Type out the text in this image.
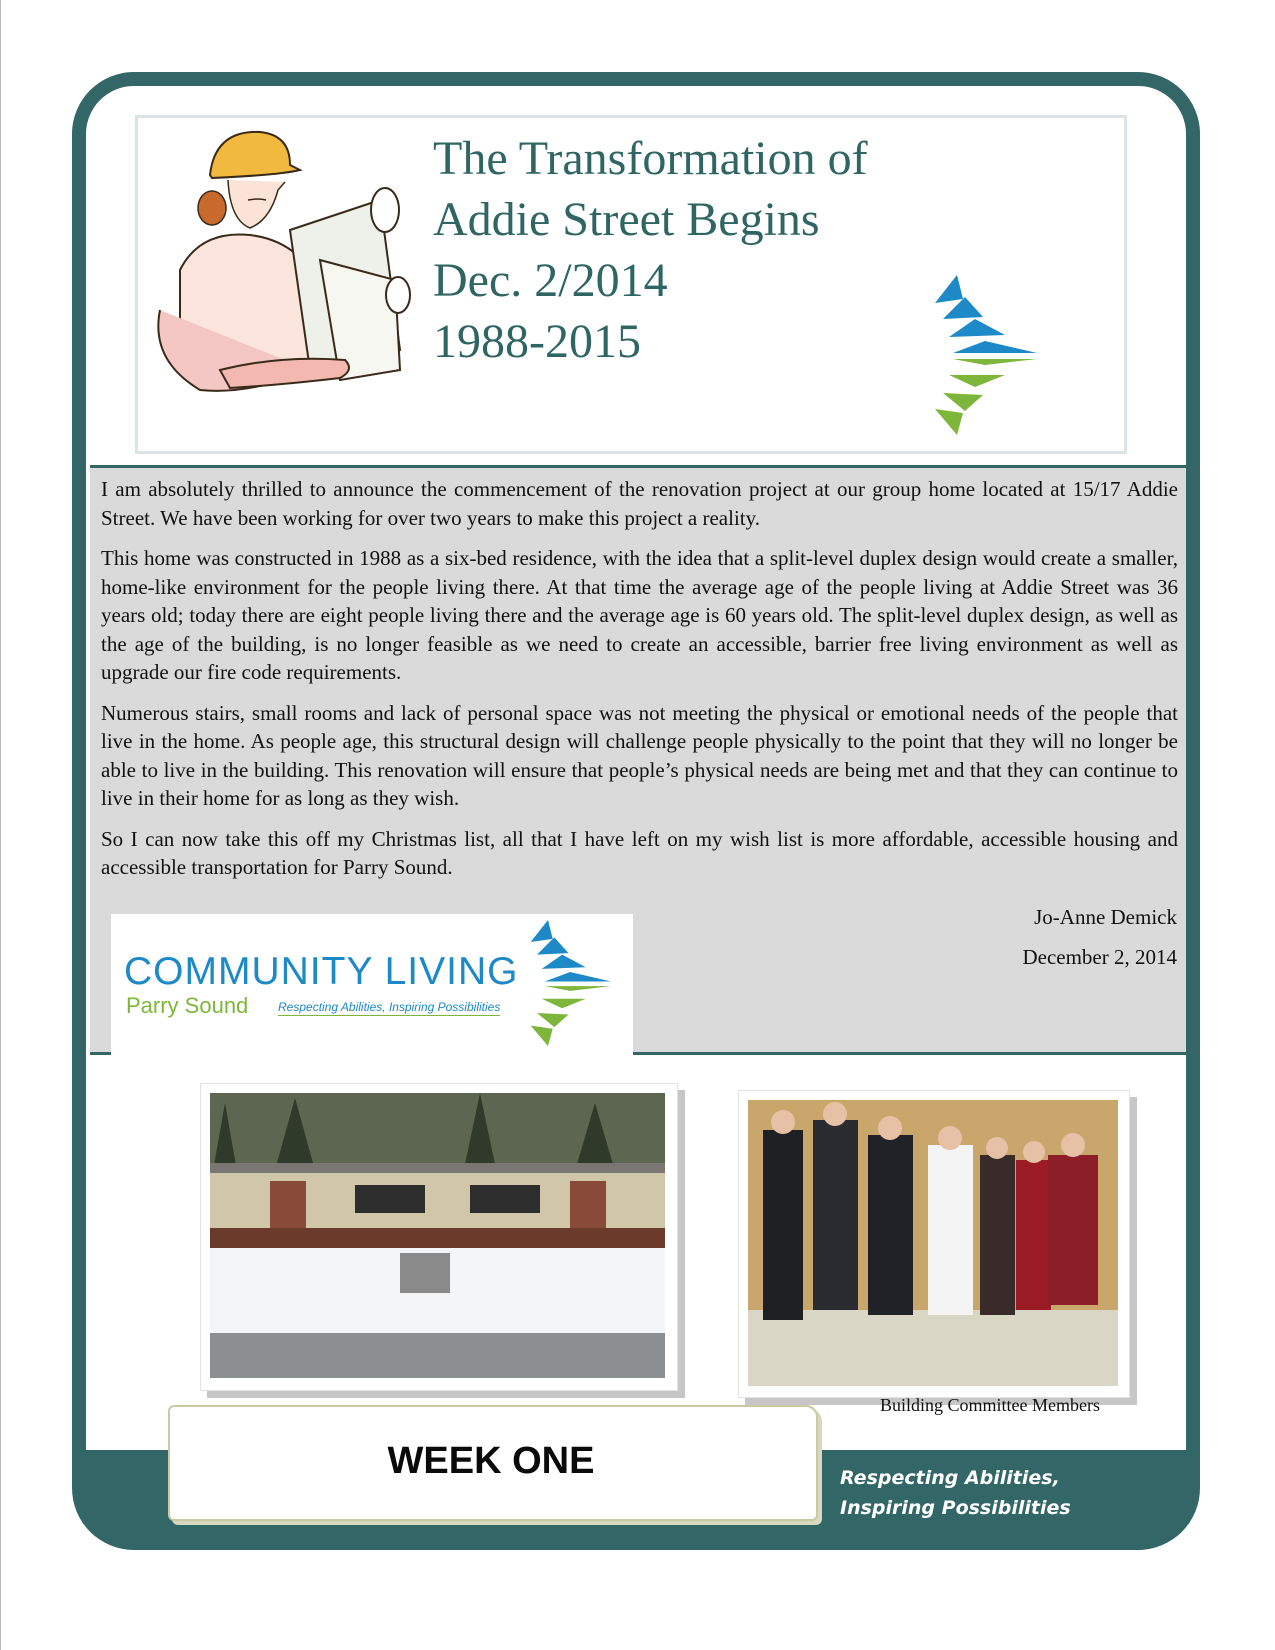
The Transformation of
Addie Street Begins
Dec. 2/2014
1988-2015

I am absolutely thrilled to announce the commencement of the renovation project at our group home located at 15/17 Addie Street. We have been working for over two years to make this project a reality.

This home was constructed in 1988 as a six-bed residence, with the idea that a split-level duplex design would create a smaller, home-like environment for the people living there. At that time the average age of the people living at Addie Street was 36 years old; today there are eight people living there and the average age is 60 years old. The split-level duplex design, as well as the age of the building, is no longer feasible as we need to create an accessible, barrier free living environment as well as upgrade our fire code requirements.

Numerous stairs, small rooms and lack of personal space was not meeting the physical or emotional needs of the people that live in the home. As people age, this structural design will challenge people physically to the point that they will no longer be able to live in the building. This renovation will ensure that people’s physical needs are being met and that they can continue to live in their home for as long as they wish.

So I can now take this off my Christmas list, all that I have left on my wish list is more affordable, accessible housing and accessible transportation for Parry Sound.

Jo-Anne Demick
December 2, 2014
COMMUNITY LIVING
Parry Sound Respecting Abilities, Inspiring Possibilities
Building Committee Members
WEEK ONE	Respecting Abilities,
Inspiring Possibilities
